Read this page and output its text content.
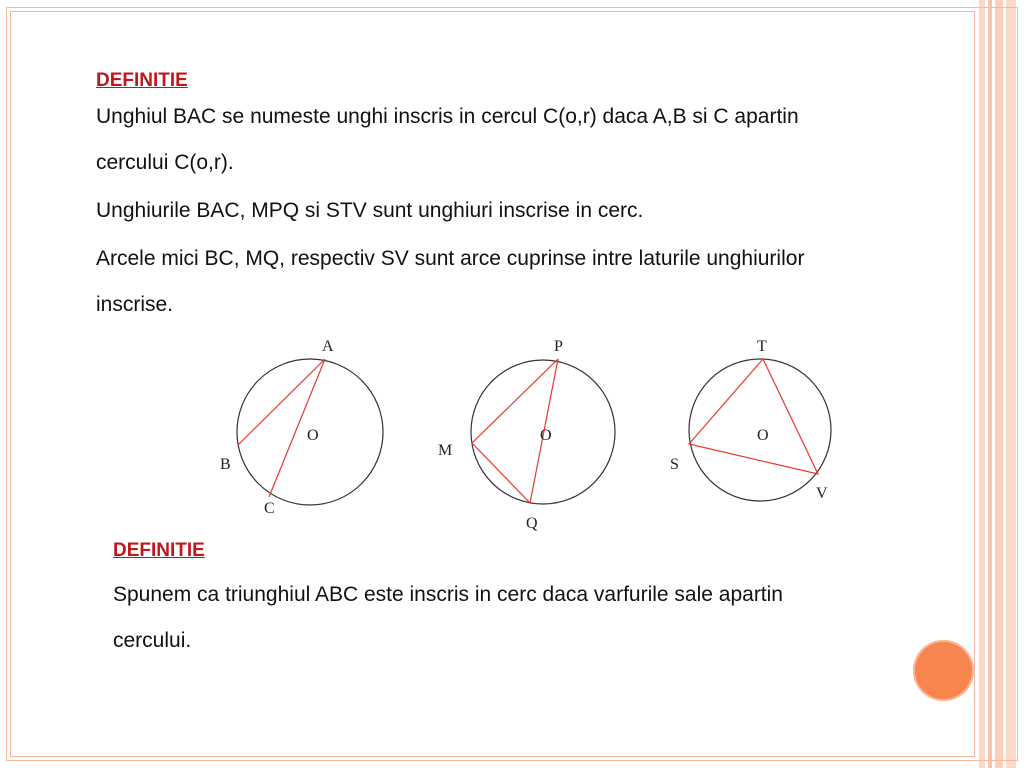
DEFINITIE
Unghiul BAC se numeste unghi inscris in cercul C(o,r) daca A,B si C apartin
cercului C(o,r).
Unghiurile BAC, MPQ si STV sunt unghiuri inscrise in cerc.
Arcele mici BC, MQ, respectiv SV sunt arce cuprinse intre laturile unghiurilor
inscrise.
A
B
C
O
P
M
Q
O
T
S
V
O
DEFINITIE
Spunem ca triunghiul ABC este inscris in cerc daca varfurile sale apartin
cercului.
